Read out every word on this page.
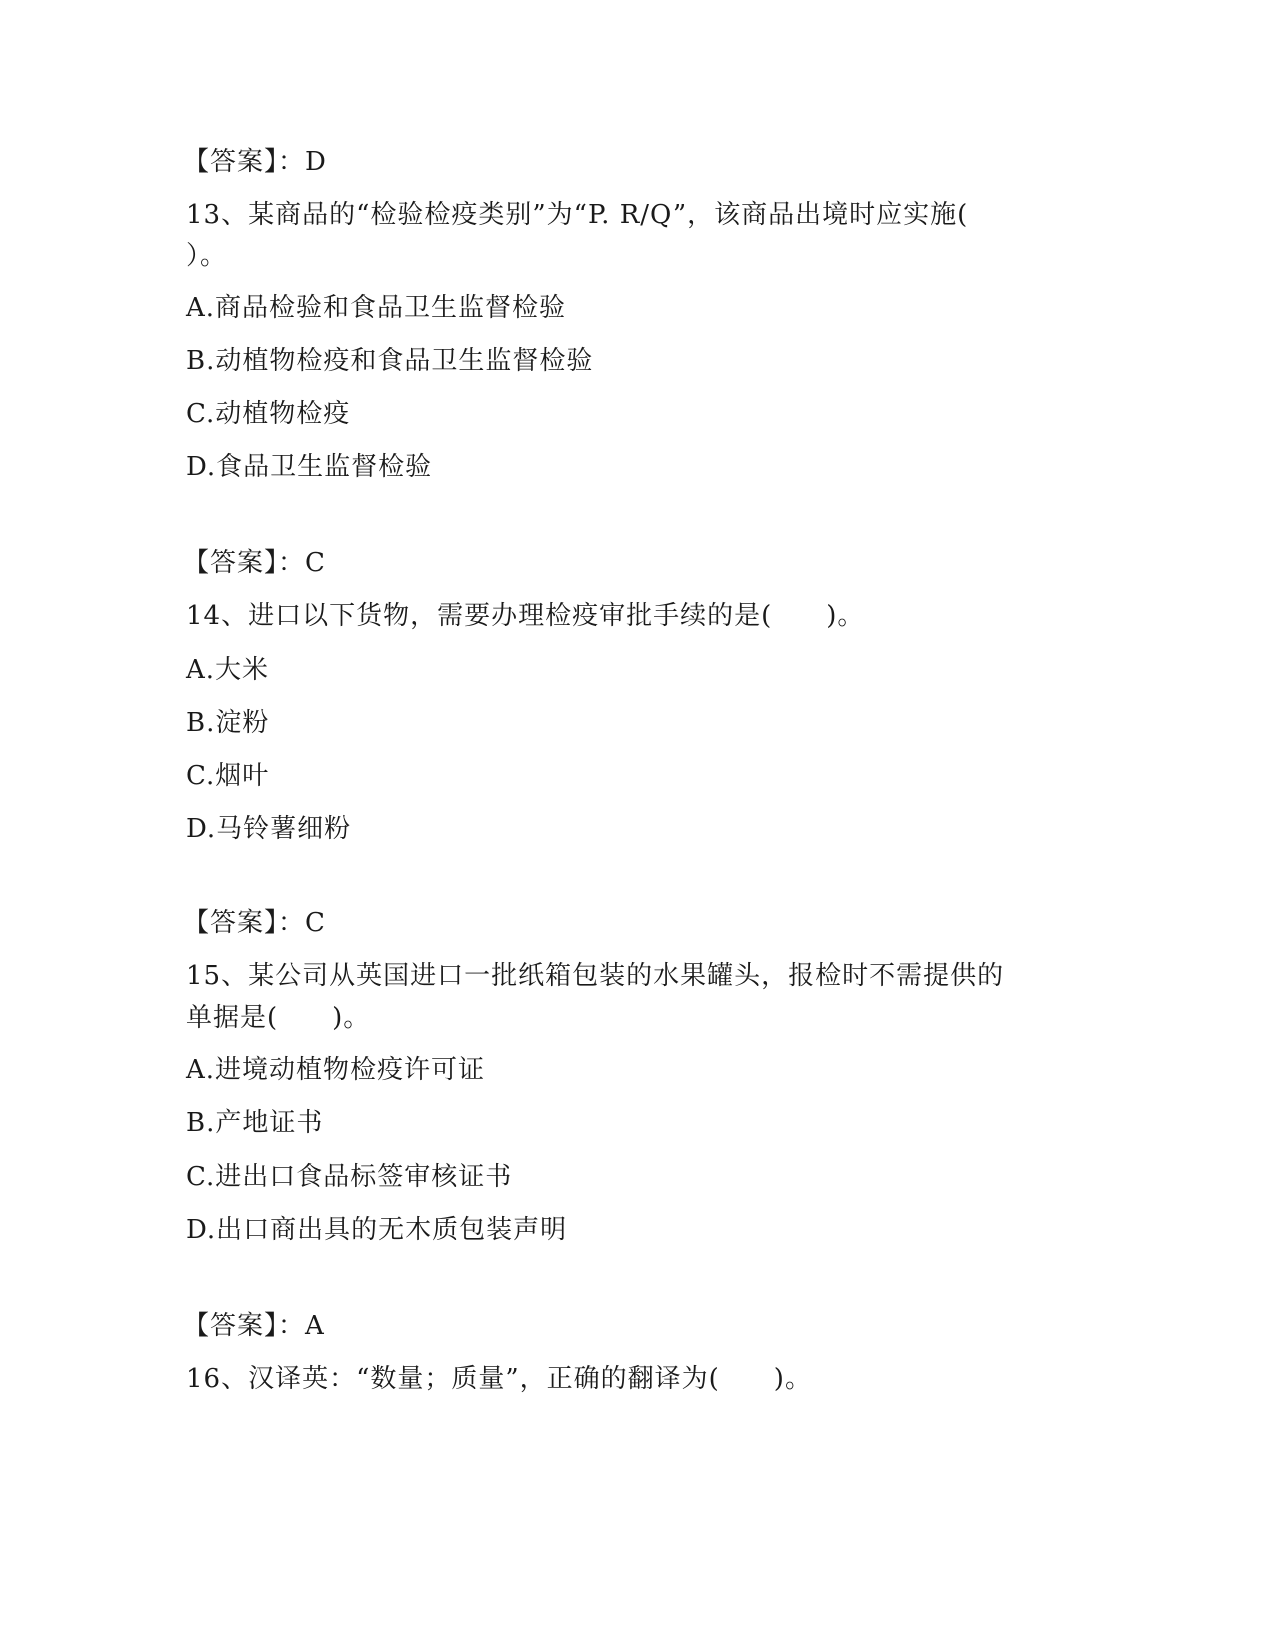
【答案】：D
13、某商品的“检验检疫类别”为“P. R/Q”，该商品出境时应实施(
）。
A.商品检验和食品卫生监督检验
B.动植物检疫和食品卫生监督检验
C.动植物检疫
D.食品卫生监督检验
【答案】：C
14、进口以下货物，需要办理检疫审批手续的是(　　)。
A.大米
B.淀粉
C.烟叶
D.马铃薯细粉
【答案】：C
15、某公司从英国进口一批纸箱包装的水果罐头，报检时不需提供的
单据是(　　)。
A.进境动植物检疫许可证
B.产地证书
C.进出口食品标签审核证书
D.出口商出具的无木质包装声明
【答案】：A
16、汉译英：“数量；质量”，正确的翻译为(　　)。
